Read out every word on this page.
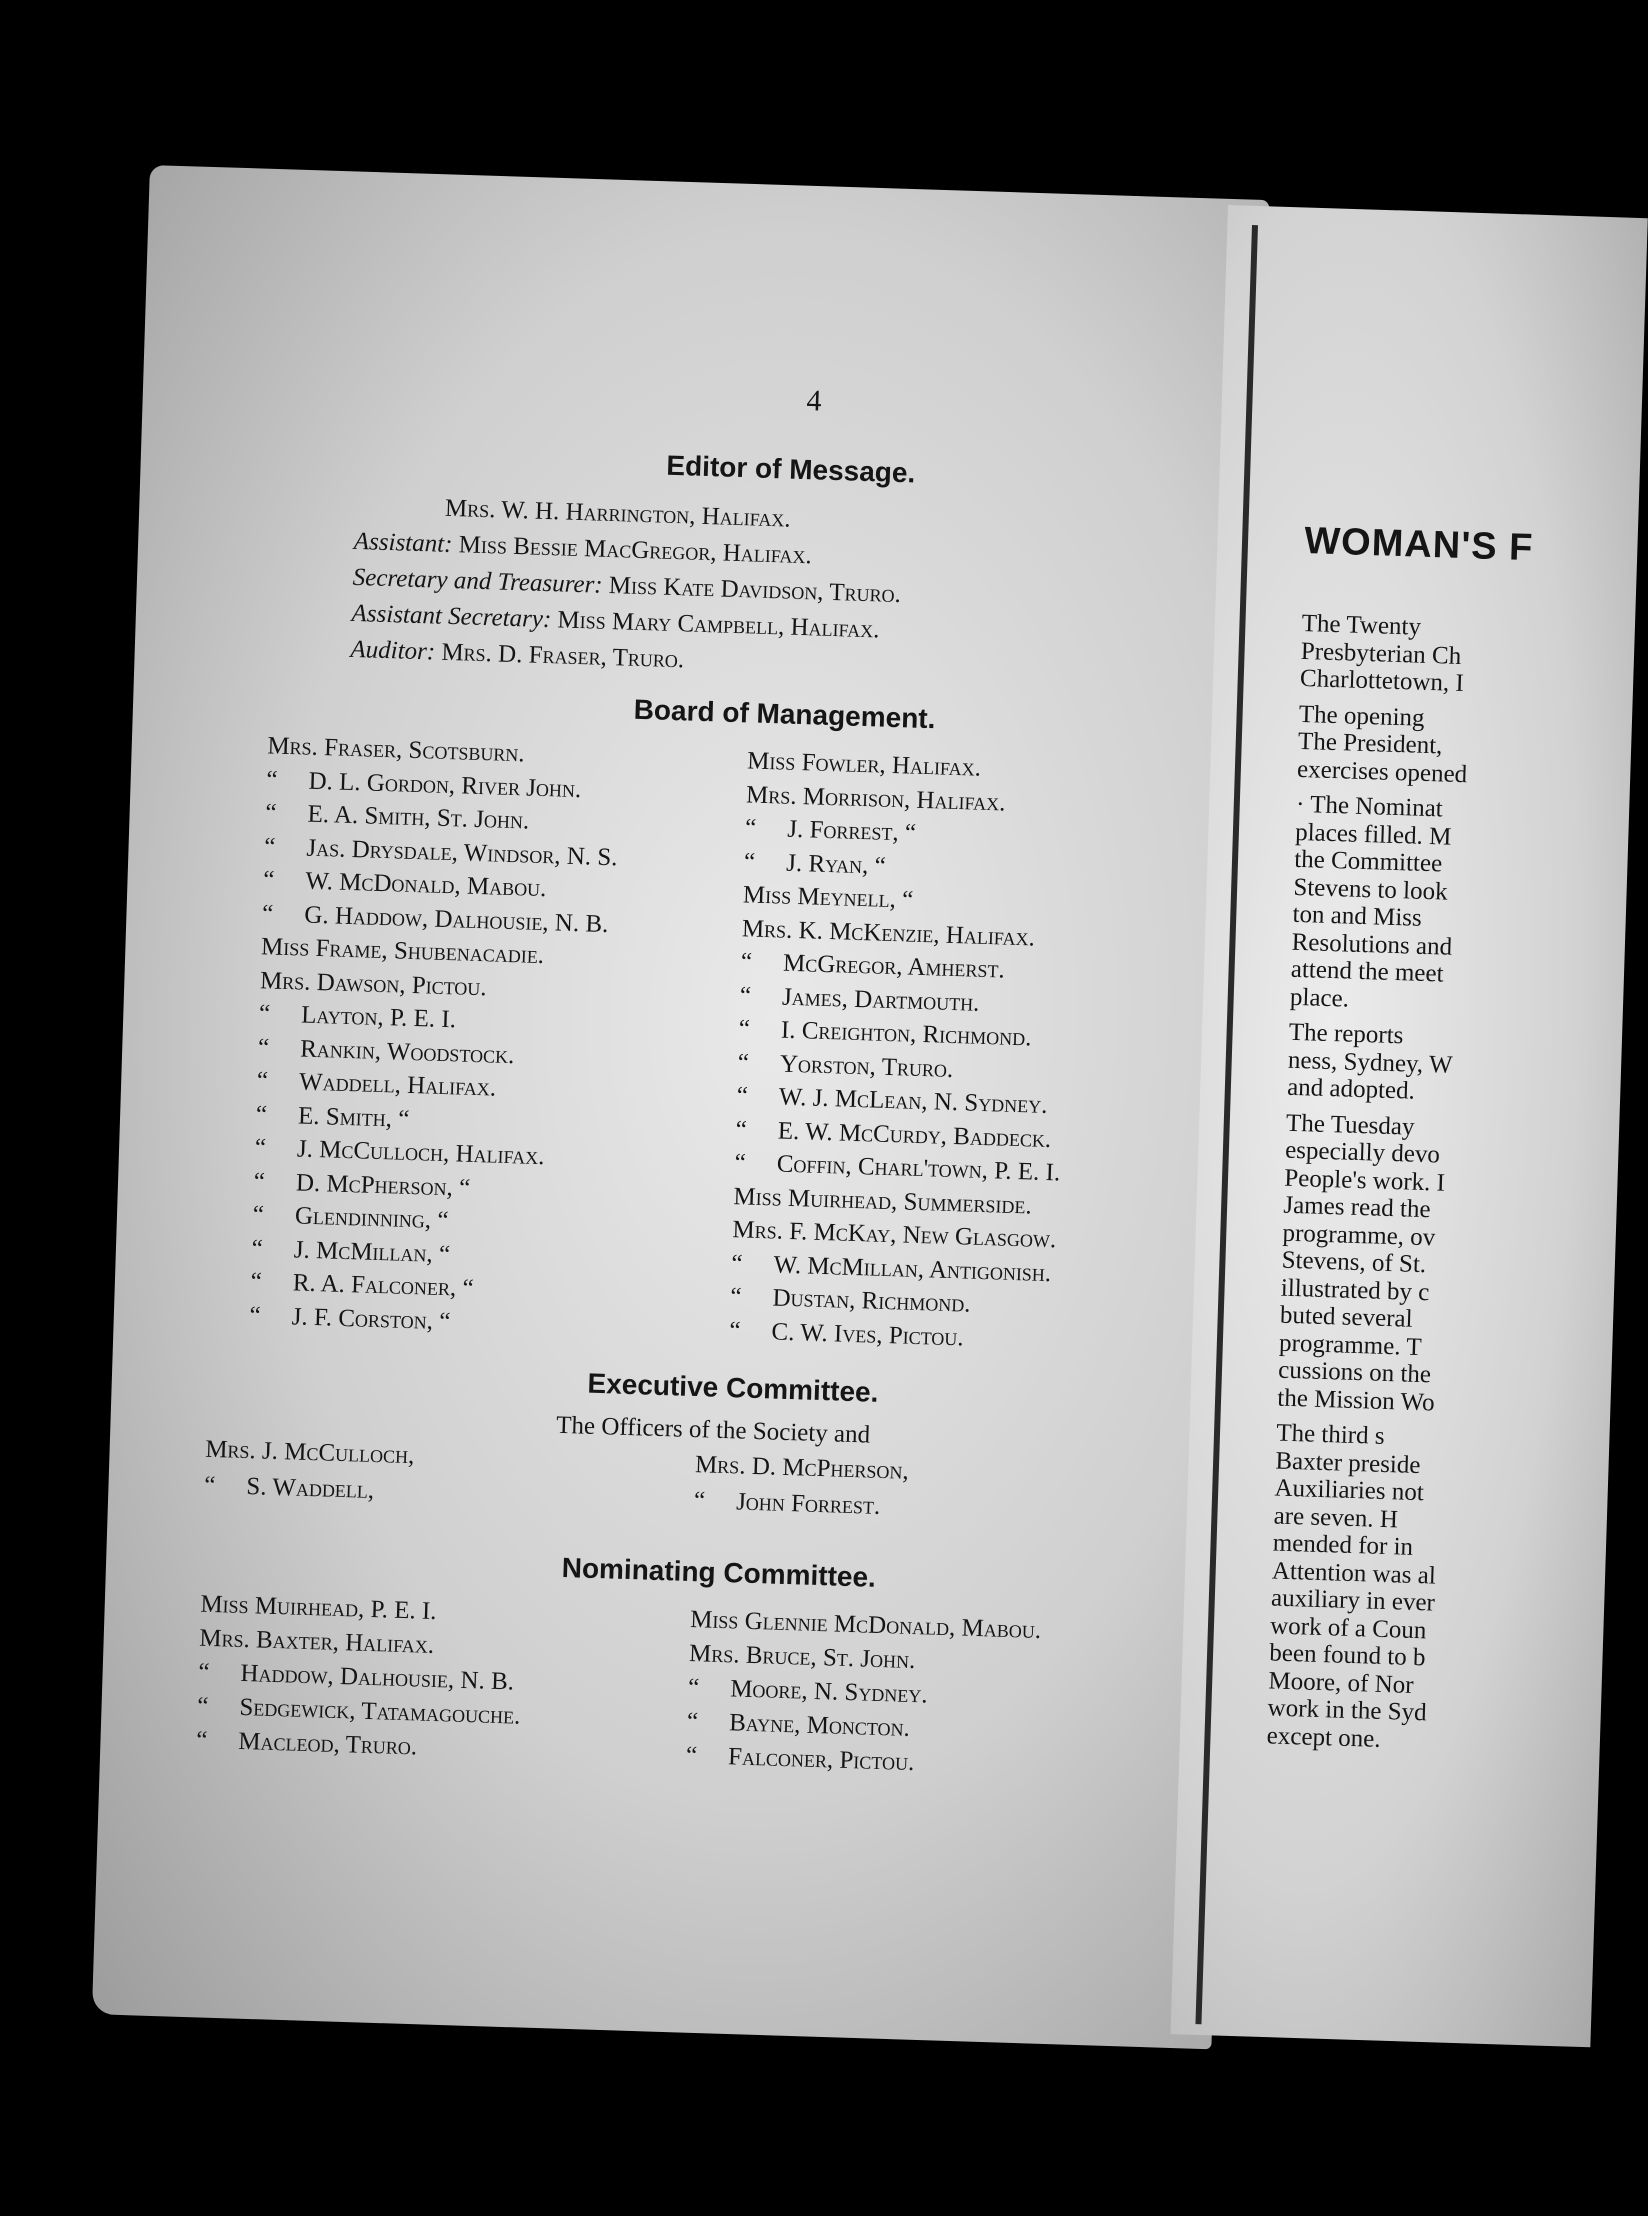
4
Editor of Message.
Mrs. W. H. Harrington, Halifax.
Assistant: Miss Bessie MacGregor, Halifax.
Secretary and Treasurer: Miss Kate Davidson, Truro.
Assistant Secretary: Miss Mary Campbell, Halifax.
Auditor: Mrs. D. Fraser, Truro.
Board of Management.
Mrs. Fraser, Scotsburn.
“ D. L. Gordon, River John.
“ E. A. Smith, St. John.
“ Jas. Drysdale, Windsor, N. S.
“ W. McDonald, Mabou.
“ G. Haddow, Dalhousie, N. B.
Miss Frame, Shubenacadie.
Mrs. Dawson, Pictou.
“ Layton, P. E. I.
“ Rankin, Woodstock.
“ Waddell, Halifax.
“ E. Smith, “
“ J. McCulloch, Halifax.
“ D. McPherson, “
“ Glendinning, “
“ J. McMillan, “
“ R. A. Falconer, “
“ J. F. Corston, “
Miss Fowler, Halifax.
Mrs. Morrison, Halifax.
“ J. Forrest, “
“ J. Ryan, “
Miss Meynell, “
Mrs. K. McKenzie, Halifax.
“ McGregor, Amherst.
“ James, Dartmouth.
“ I. Creighton, Richmond.
“ Yorston, Truro.
“ W. J. McLean, N. Sydney.
“ E. W. McCurdy, Baddeck.
“ Coffin, Charl'town, P. E. I.
Miss Muirhead, Summerside.
Mrs. F. McKay, New Glasgow.
“ W. McMillan, Antigonish.
“ Dustan, Richmond.
“ C. W. Ives, Pictou.
Executive Committee.
The Officers of the Society and
Mrs. J. McCulloch,
“ S. Waddell,
Mrs. D. McPherson,
“ John Forrest.
Nominating Committee.
Miss Muirhead, P. E. I.
Mrs. Baxter, Halifax.
“ Haddow, Dalhousie, N. B.
“ Sedgewick, Tatamagouche.
“ Macleod, Truro.
Miss Glennie McDonald, Mabou.
Mrs. Bruce, St. John.
“ Moore, N. Sydney.
“ Bayne, Moncton.
“ Falconer, Pictou.
WOMAN'S F
The Twenty
Presbyterian Ch
Charlottetown, I
The opening
The President,
exercises opened
· The Nominat
places filled. M
the Committee
Stevens to look
ton and Miss
Resolutions and
attend the meet
place.
The reports
ness, Sydney, W
and adopted.
The Tuesday
especially devo
People's work. I
James read the
programme, ov
Stevens, of St.
illustrated by c
buted several
programme. T
cussions on the
the Mission Wo
The third s
Baxter preside
Auxiliaries not
are seven. H
mended for in
Attention was al
auxiliary in ever
work of a Coun
been found to b
Moore, of Nor
work in the Syd
except one.
